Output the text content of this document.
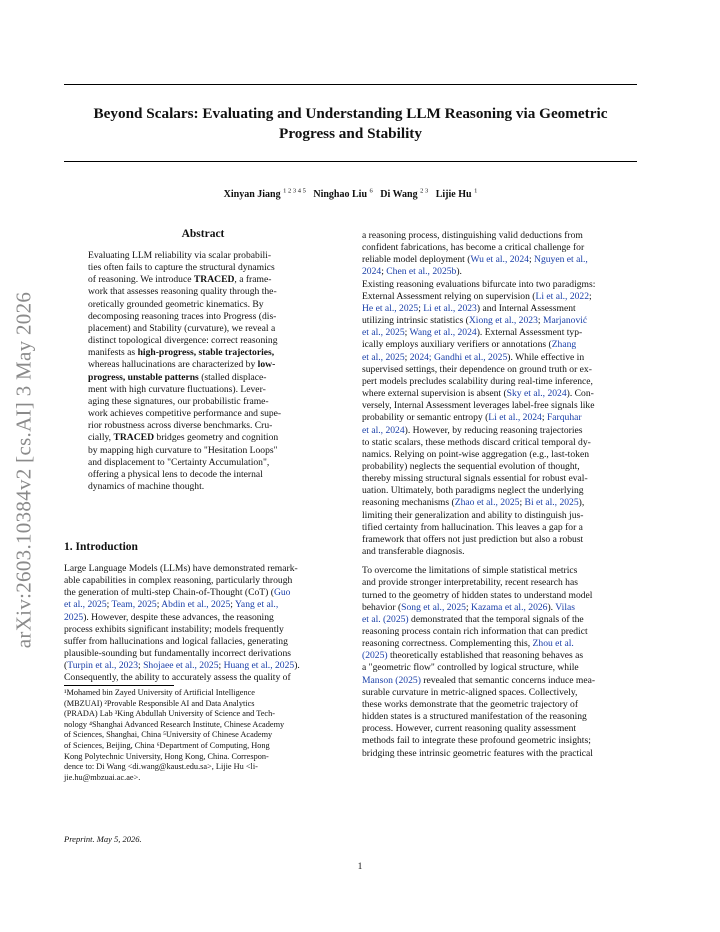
Beyond Scalars: Evaluating and Understanding LLM Reasoning via Geometric
Progress and Stability
Xinyan Jiang $^{1 2 3 4 5}$ Ninghao Liu $^6$ Di Wang $^{2 3}$ Lijie Hu $^1$
arXiv:2603.10384v2 [cs.AI] 3 May 2026
Abstract
Evaluating LLM reliability via scalar probabili-
ties often fails to capture the structural dynamics
of reasoning. We introduce TRACED, a frame-
work that assesses reasoning quality through the-
oretically grounded geometric kinematics. By
decomposing reasoning traces into Progress (dis-
placement) and Stability (curvature), we reveal a
distinct topological divergence: correct reasoning
manifests as high-progress, stable trajectories,
whereas hallucinations are characterized by low-
progress, unstable patterns (stalled displace-
ment with high curvature fluctuations). Lever-
aging these signatures, our probabilistic frame-
work achieves competitive performance and supe-
rior robustness across diverse benchmarks. Cru-
cially, TRACED bridges geometry and cognition
by mapping high curvature to "Hesitation Loops"
and displacement to "Certainty Accumulation",
offering a physical lens to decode the internal
dynamics of machine thought.
1. Introduction
Large Language Models (LLMs) have demonstrated remark-
able capabilities in complex reasoning, particularly through
the generation of multi-step Chain-of-Thought (CoT) (Guo
et al., 2025; Team, 2025; Abdin et al., 2025; Yang et al.,
2025). However, despite these advances, the reasoning
process exhibits significant instability; models frequently
suffer from hallucinations and logical fallacies, generating
plausible-sounding but fundamentally incorrect derivations
(Turpin et al., 2023; Shojaee et al., 2025; Huang et al., 2025).
Consequently, the ability to accurately assess the quality of
¹Mohamed bin Zayed University of Artificial Intelligence
(MBZUAI) ²Provable Responsible AI and Data Analytics
(PRADA) Lab ³King Abdullah University of Science and Tech-
nology ⁴Shanghai Advanced Research Institute, Chinese Academy
of Sciences, Shanghai, China ⁵University of Chinese Academy
of Sciences, Beijing, China ⁶Department of Computing, Hong
Kong Polytechnic University, Hong Kong, China. Correspon-
dence to: Di Wang <di.wang@kaust.edu.sa>, Lijie Hu <li-
jie.hu@mbzuai.ac.ae>.
Preprint. May 5, 2026.
a reasoning process, distinguishing valid deductions from
confident fabrications, has become a critical challenge for
reliable model deployment (Wu et al., 2024; Nguyen et al.,
2024; Chen et al., 2025b).
Existing reasoning evaluations bifurcate into two paradigms:
External Assessment relying on supervision (Li et al., 2022;
He et al., 2025; Li et al., 2023) and Internal Assessment
utilizing intrinsic statistics (Xiong et al., 2023; Marjanović
et al., 2025; Wang et al., 2024). External Assessment typ-
ically employs auxiliary verifiers or annotations (Zhang
et al., 2025; 2024; Gandhi et al., 2025). While effective in
supervised settings, their dependence on ground truth or ex-
pert models precludes scalability during real-time inference,
where external supervision is absent (Sky et al., 2024). Con-
versely, Internal Assessment leverages label-free signals like
probability or semantic entropy (Li et al., 2024; Farquhar
et al., 2024). However, by reducing reasoning trajectories
to static scalars, these methods discard critical temporal dy-
namics. Relying on point-wise aggregation (e.g., last-token
probability) neglects the sequential evolution of thought,
thereby missing structural signals essential for robust eval-
uation. Ultimately, both paradigms neglect the underlying
reasoning mechanisms (Zhao et al., 2025; Bi et al., 2025),
limiting their generalization and ability to distinguish jus-
tified certainty from hallucination. This leaves a gap for a
framework that offers not just prediction but also a robust
and transferable diagnosis.
To overcome the limitations of simple statistical metrics
and provide stronger interpretability, recent research has
turned to the geometry of hidden states to understand model
behavior (Song et al., 2025; Kazama et al., 2026). Vilas
et al. (2025) demonstrated that the temporal signals of the
reasoning process contain rich information that can predict
reasoning correctness. Complementing this, Zhou et al.
(2025) theoretically established that reasoning behaves as
a "geometric flow" controlled by logical structure, while
Manson (2025) revealed that semantic concerns induce mea-
surable curvature in metric-aligned spaces. Collectively,
these works demonstrate that the geometric trajectory of
hidden states is a structured manifestation of the reasoning
process. However, current reasoning quality assessment
methods fail to integrate these profound geometric insights;
bridging these intrinsic geometric features with the practical
1
